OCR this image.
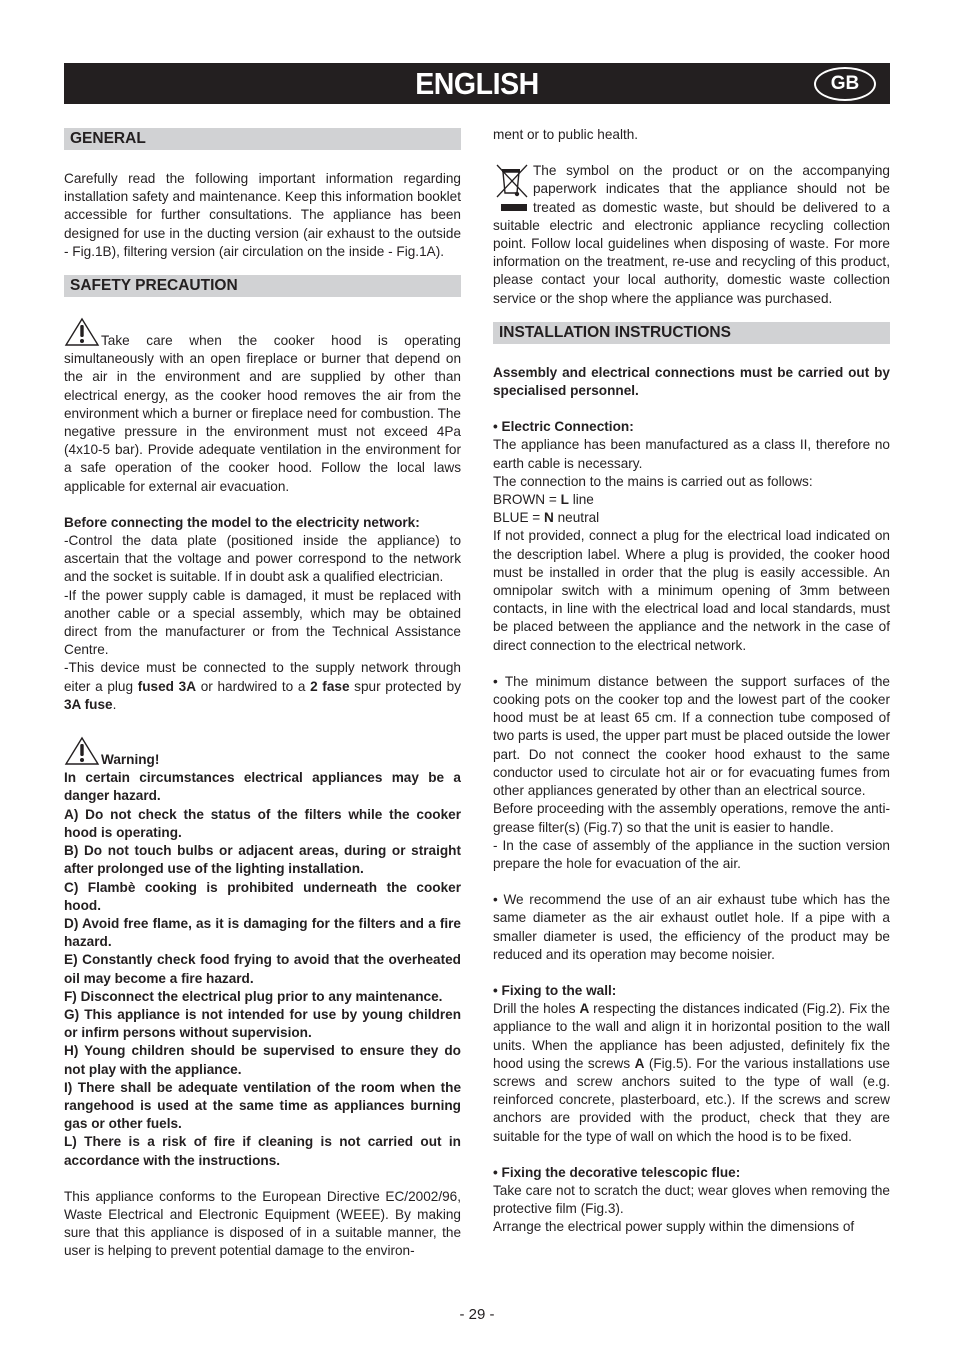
ENGLISH	GB
GENERAL

Carefully read the following important information regarding installation safety and maintenance. Keep this information booklet accessible for further consultations. The appliance has been designed for use in the ducting version (air exhaust to the outside - Fig.1B), filtering version (air circulation on the inside - Fig.1A).

SAFETY PRECAUTION

Take care when the cooker hood is operating simultaneously with an open fireplace or burner that depend on the air in the environment and are supplied by other than electrical energy, as the cooker hood removes the air from the environment which a burner or fireplace need for combustion. The negative pressure in the environment must not exceed 4Pa (4x10-5 bar). Provide adequate ventilation in the environment for a safe operation of the cooker hood. Follow the local laws applicable for external air evacuation.

Before connecting the model to the electricity network:

-Control the data plate (positioned inside the appliance) to ascertain that the voltage and power correspond to the network and the socket is suitable. If in doubt ask a qualified electrician.

-If the power supply cable is damaged, it must be replaced with another cable or a special assembly, which may be obtained direct from the manufacturer or from the Technical Assistance Centre.

-This device must be connected to the supply network through eiter a plug fused 3A or hardwired to a 2 fase spur protected by 3A fuse.

Warning!

In certain circumstances electrical appliances may be a danger hazard.

A) Do not check the status of the filters while the cooker hood is operating.

B) Do not touch bulbs or adjacent areas, during or straight after prolonged use of the lighting installation.

C) Flambè cooking is prohibited underneath the cooker hood.

D) Avoid free flame, as it is damaging for the filters and a fire hazard.

E) Constantly check food frying to avoid that the overheated oil may become a fire hazard.

F) Disconnect the electrical plug prior to any maintenance.

G) This appliance is not intended for use by young children or infirm persons without supervision.

H) Young children should be supervised to ensure they do not play with the appliance.

I) There shall be adequate ventilation of the room when the rangehood is used at the same time as appliances burning gas or other fuels.

L) There is a risk of fire if cleaning is not carried out in accordance with the instructions.

This appliance conforms to the European Directive EC/2002/96, Waste Electrical and Electronic Equipment (WEEE). By making sure that this appliance is disposed of in a suitable manner, the user is helping to prevent potential damage to the environ-

ment or to public health.

The symbol on the product or on the accompanying paperwork indicates that the appliance should not be treated as domestic waste, but should be delivered to a suitable electric and electronic appliance recycling collection point. Follow local guidelines when disposing of waste. For more information on the treatment, re-use and recycling of this product, please contact your local authority, domestic waste collection service or the shop where the appliance was purchased.

INSTALLATION INSTRUCTIONS

Assembly and electrical connections must be carried out by specialised personnel.

• Electric Connection:

The appliance has been manufactured as a class II, therefore no earth cable is necessary.

The connection to the mains is carried out as follows:

BROWN = L line

BLUE = N neutral

If not provided, connect a plug for the electrical load indicated on the description label. Where a plug is provided, the cooker hood must be installed in order that the plug is easily accessible. An omnipolar switch with a minimum opening of 3mm between contacts, in line with the electrical load and local standards, must be placed between the appliance and the network in the case of direct connection to the electrical network.

• The minimum distance between the support surfaces of the cooking pots on the cooker top and the lowest part of the cooker hood must be at least 65 cm. If a connection tube composed of two parts is used, the upper part must be placed outside the lower part. Do not connect the cooker hood exhaust to the same conductor used to circulate hot air or for evacuating fumes from other appliances generated by other than an electrical source.

Before proceeding with the assembly operations, remove the anti-grease filter(s) (Fig.7) so that the unit is easier to handle.

- In the case of assembly of the appliance in the suction version prepare the hole for evacuation of the air.

• We recommend the use of an air exhaust tube which has the same diameter as the air exhaust outlet hole. If a pipe with a smaller diameter is used, the efficiency of the product may be reduced and its operation may become noisier.

• Fixing to the wall:

Drill the holes A respecting the distances indicated (Fig.2). Fix the appliance to the wall and align it in horizontal position to the wall units. When the appliance has been adjusted, definitely fix the hood using the screws A (Fig.5). For the various installations use screws and screw anchors suited to the type of wall (e.g. reinforced concrete, plasterboard, etc.). If the screws and screw anchors are provided with the product, check that they are suitable for the type of wall on which the hood is to be fixed.

• Fixing the decorative telescopic flue:

Take care not to scratch the duct; wear gloves when removing the protective film (Fig.3).

Arrange the electrical power supply within the dimensions of

- 29 -
